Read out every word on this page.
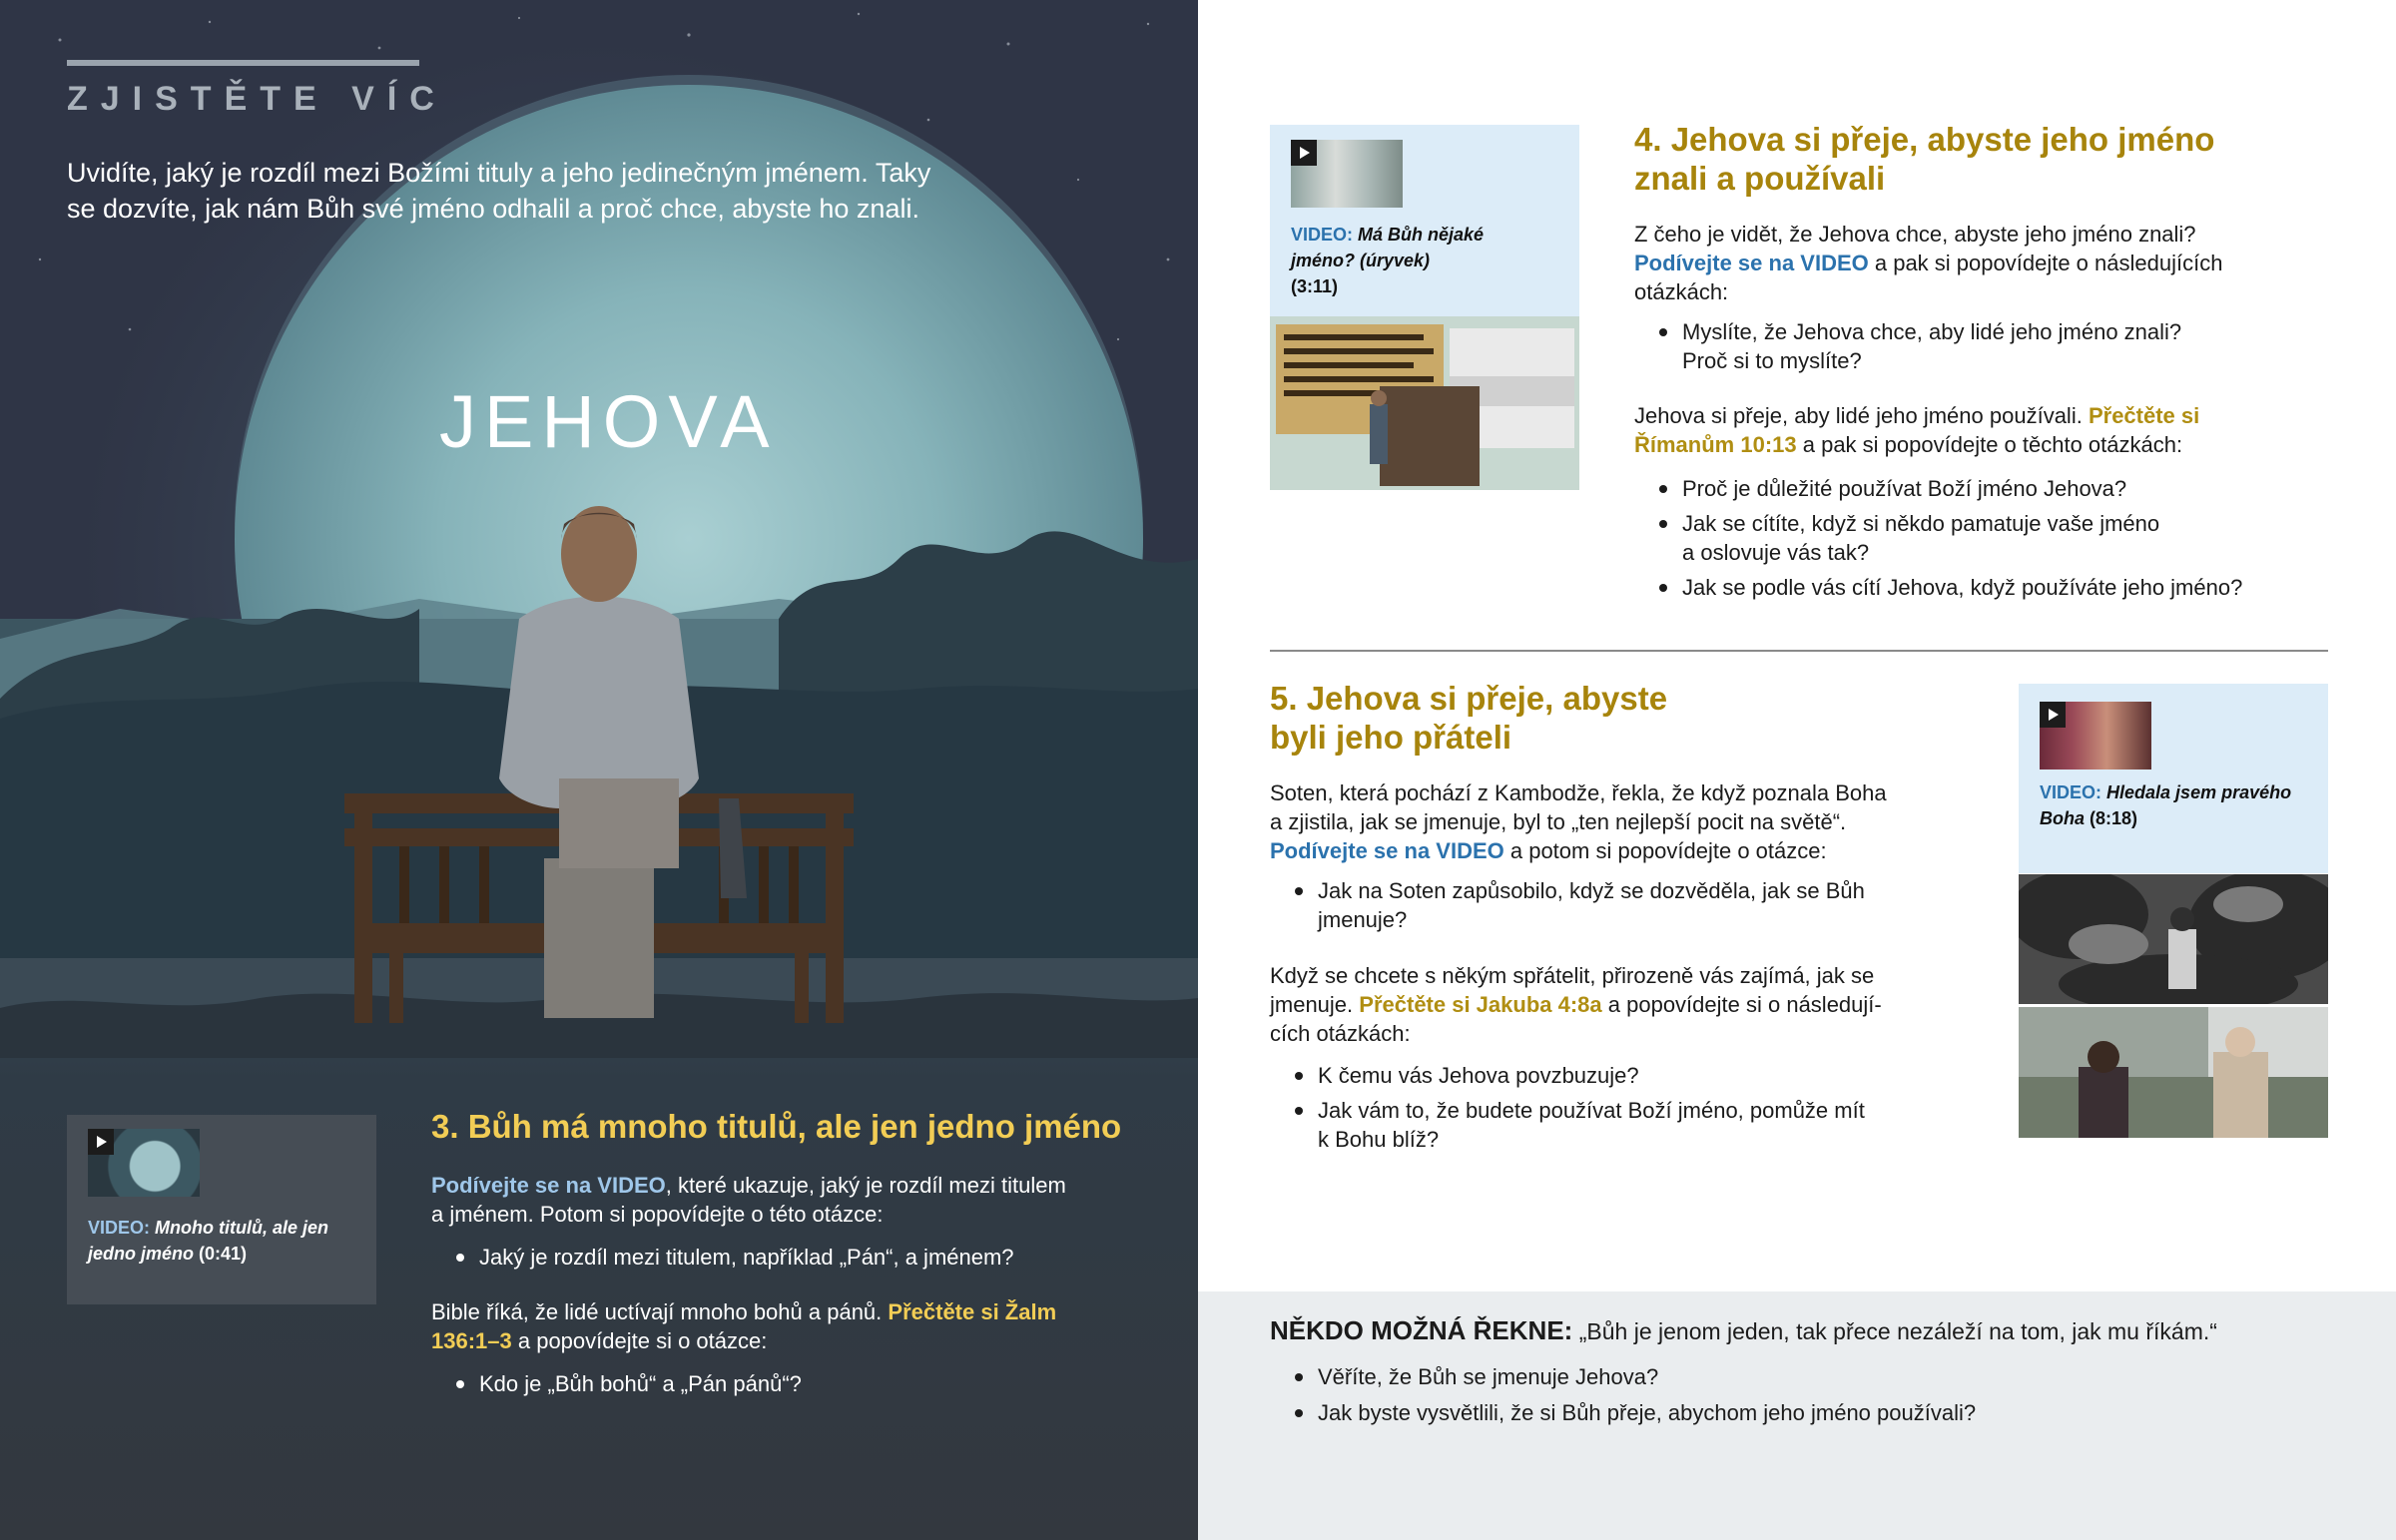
ZJISTĚTE VÍC
Uvidíte, jaký je rozdíl mezi Božími tituly a jeho jedinečným jménem. Taky se dozvíte, jak nám Bůh své jméno odhalil a proč chce, abyste ho znali.
JEHOVA
VIDEO: Mnoho titulů, ale jen jedno jméno (0:41)
3. Bůh má mnoho titulů, ale jen jedno jméno
Podívejte se na VIDEO, které ukazuje, jaký je rozdíl mezi titulem
a jménem. Potom si popovídejte o této otázce:
Jaký je rozdíl mezi titulem, například „Pán“, a jménem?
Bible říká, že lidé uctívají mnoho bohů a pánů. Přečtěte si Žalm
136:1–3 a popovídejte si o otázce:
Kdo je „Bůh bohů“ a „Pán pánů“?
VIDEO: Má Bůh nějaké
jméno? (úryvek)
(3:11)
4. Jehova si přeje, abyste jeho jméno
znali a používali
Z čeho je vidět, že Jehova chce, abyste jeho jméno znali?
Podívejte se na VIDEO a pak si popovídejte o následujících
otázkách:
Myslíte, že Jehova chce, aby lidé jeho jméno znali?
Proč si to myslíte?
Jehova si přeje, aby lidé jeho jméno používali. Přečtěte si
Římanům 10:13 a pak si popovídejte o těchto otázkách:
Proč je důležité používat Boží jméno Jehova?
Jak se cítíte, když si někdo pamatuje vaše jméno
a oslovuje vás tak?
Jak se podle vás cítí Jehova, když používáte jeho jméno?
5. Jehova si přeje, abyste
byli jeho přáteli
Soten, která pochází z Kambodže, řekla, že když poznala Boha
a zjistila, jak se jmenuje, byl to „ten nejlepší pocit na světě“.
Podívejte se na VIDEO a potom si popovídejte o otázce:
Jak na Soten zapůsobilo, když se dozvěděla, jak se Bůh
jmenuje?
Když se chcete s někým spřátelit, přirozeně vás zajímá, jak se
jmenuje. Přečtěte si Jakuba 4:8a a popovídejte si o následují-
cích otázkách:
K čemu vás Jehova povzbuzuje?
Jak vám to, že budete používat Boží jméno, pomůže mít
k Bohu blíž?
VIDEO: Hledala jsem pravého
Boha (8:18)
NĚKDO MOŽNÁ ŘEKNE: „Bůh je jenom jeden, tak přece nezáleží na tom, jak mu říkám.“
Věříte, že Bůh se jmenuje Jehova?
Jak byste vysvětlili, že si Bůh přeje, abychom jeho jméno používali?
